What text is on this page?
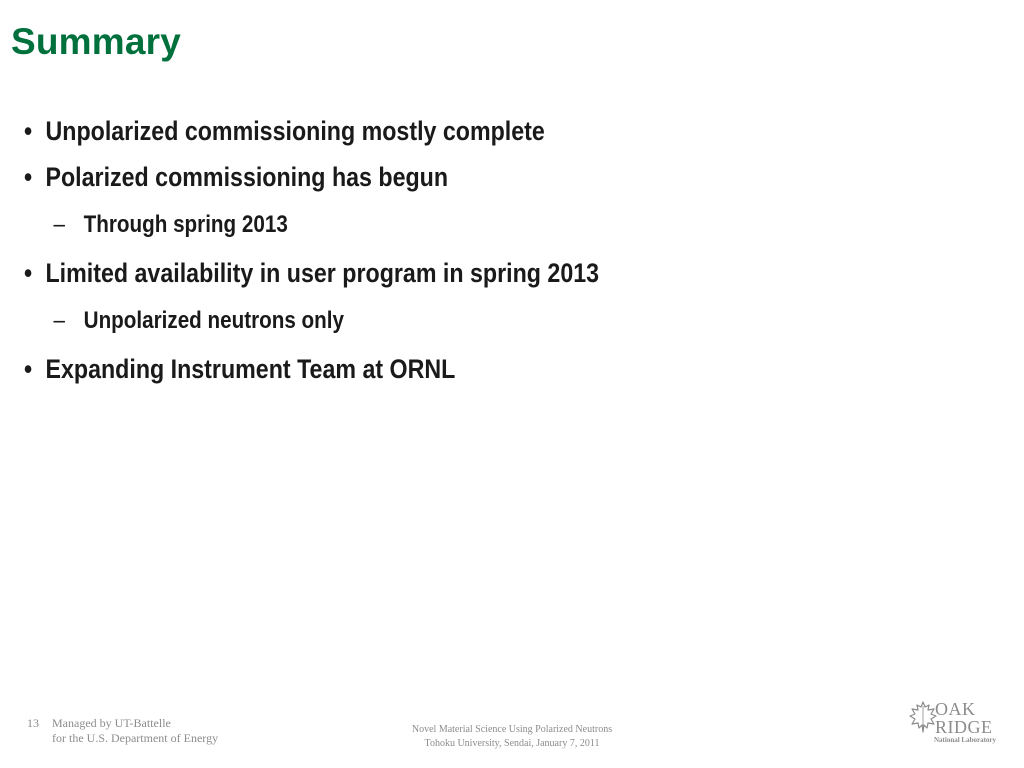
Summary
• Unpolarized commissioning mostly complete
• Polarized commissioning has begun
– Through spring 2013
• Limited availability in user program in spring 2013
– Unpolarized neutrons only
• Expanding Instrument Team at ORNL
13 Managed by UT-Battelle
for the U.S. Department of Energy
Novel Material Science Using Polarized Neutrons
Tohoku University, Sendai, January 7, 2011
OAK
RIDGE
National Laboratory
